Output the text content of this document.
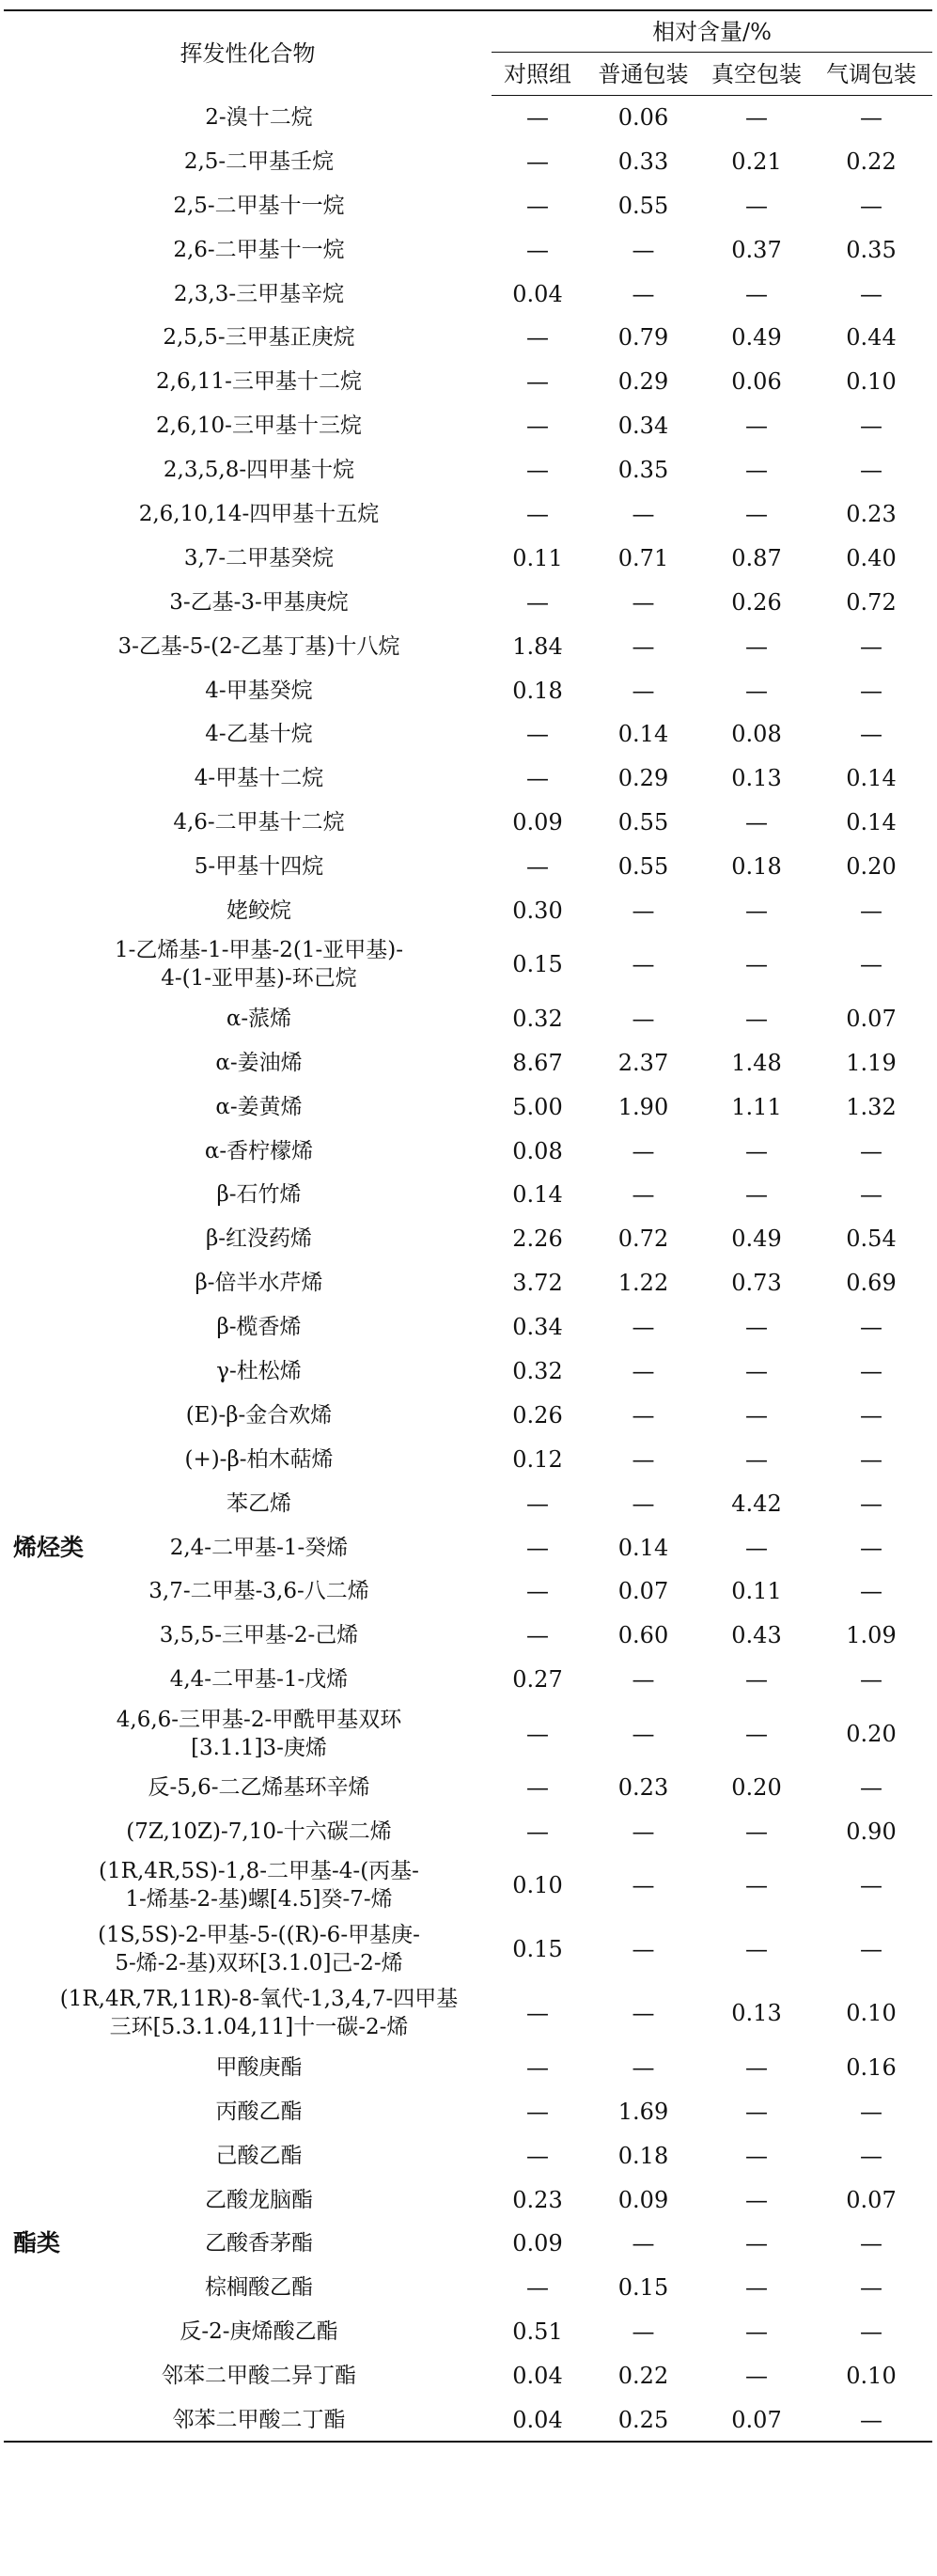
挥发性化合物		相对含量/%			
		对照组	普通包装	真空包装	气调包装
	2-溴十二烷	—	0.06	—	—
	2,5-二甲基壬烷	—	0.33	0.21	0.22
	2,5-二甲基十一烷	—	0.55	—	—
	2,6-二甲基十一烷	—	—	0.37	0.35
	2,3,3-三甲基辛烷	0.04	—	—	—
	2,5,5-三甲基正庚烷	—	0.79	0.49	0.44
	2,6,11-三甲基十二烷	—	0.29	0.06	0.10
	2,6,10-三甲基十三烷	—	0.34	—	—
	2,3,5,8-四甲基十烷	—	0.35	—	—
	2,6,10,14-四甲基十五烷	—	—	—	0.23
	3,7-二甲基癸烷	0.11	0.71	0.87	0.40
	3-乙基-3-甲基庚烷	—	—	0.26	0.72
	3-乙基-5-(2-乙基丁基)十八烷	1.84	—	—	—
	4-甲基癸烷	0.18	—	—	—
	4-乙基十烷	—	0.14	0.08	—
	4-甲基十二烷	—	0.29	0.13	0.14
	4,6-二甲基十二烷	0.09	0.55	—	0.14
	5-甲基十四烷	—	0.55	0.18	0.20
	姥鲛烷	0.30	—	—	—
	1-乙烯基-1-甲基-2(1-亚甲基)-
4-(1-亚甲基)-环己烷	0.15	—	—	—
	α-蒎烯	0.32	—	—	0.07
	α-姜油烯	8.67	2.37	1.48	1.19
	α-姜黄烯	5.00	1.90	1.11	1.32
	α-香柠檬烯	0.08	—	—	—
	β-石竹烯	0.14	—	—	—
	β-红没药烯	2.26	0.72	0.49	0.54
	β-倍半水芹烯	3.72	1.22	0.73	0.69
	β-榄香烯	0.34	—	—	—
	γ-杜松烯	0.32	—	—	—
	(E)-β-金合欢烯	0.26	—	—	—
	(+)-β-柏木萜烯	0.12	—	—	—
	苯乙烯	—	—	4.42	—
烯烃类	2,4-二甲基-1-癸烯	—	0.14	—	—
	3,7-二甲基-3,6-八二烯	—	0.07	0.11	—
	3,5,5-三甲基-2-己烯	—	0.60	0.43	1.09
	4,4-二甲基-1-戊烯	0.27	—	—	—
	4,6,6-三甲基-2-甲酰甲基双环
[3.1.1]3-庚烯	—	—	—	0.20
	反-5,6-二乙烯基环辛烯	—	0.23	0.20	—
	(7Z,10Z)-7,10-十六碳二烯	—	—	—	0.90
	(1R,4R,5S)-1,8-二甲基-4-(丙基-
1-烯基-2-基)螺[4.5]癸-7-烯	0.10	—	—	—
	(1S,5S)-2-甲基-5-((R)-6-甲基庚-
5-烯-2-基)双环[3.1.0]己-2-烯	0.15	—	—	—
	(1R,4R,7R,11R)-8-氧代-1,3,4,7-四甲基
三环[5.3.1.04,11]十一碳-2-烯	—	—	0.13	0.10
	甲酸庚酯	—	—	—	0.16
	丙酸乙酯	—	1.69	—	—
	己酸乙酯	—	0.18	—	—
	乙酸龙脑酯	0.23	0.09	—	0.07
酯类	乙酸香茅酯	0.09	—	—	—
	棕榈酸乙酯	—	0.15	—	—
	反-2-庚烯酸乙酯	0.51	—	—	—
	邻苯二甲酸二异丁酯	0.04	0.22	—	0.10
	邻苯二甲酸二丁酯	0.04	0.25	0.07	—
